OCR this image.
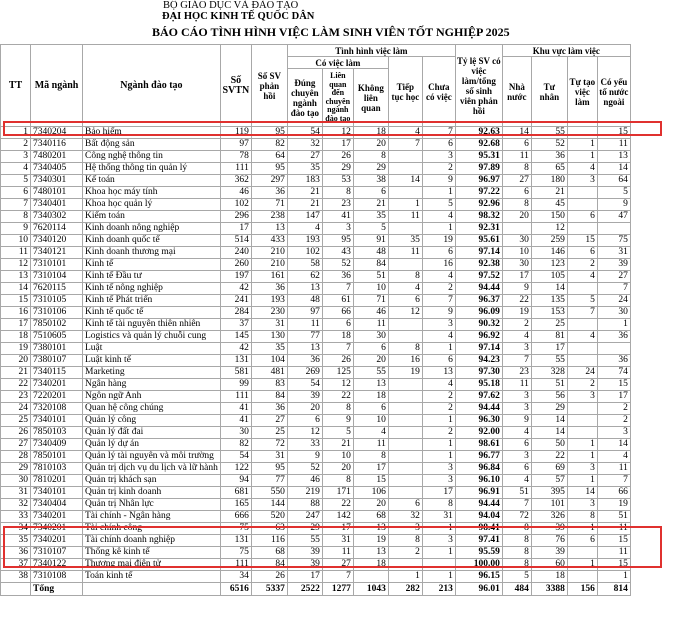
BỘ GIÁO DỤC VÀ ĐÀO TẠO
ĐẠI HỌC KINH TẾ QUỐC DÂN
BÁO CÁO TÌNH HÌNH VIỆC LÀM SINH VIÊN TỐT NGHIỆP 2025
TT	Mã ngành	Ngành đào tạo	Số SVTN	Số SV phản hồi	Tình hình việc làm					Tỷ lệ SV có việc làm/tổng số sinh viên phản hồi	Khu vực làm việc			
					Có việc làm			Tiếp tục học	Chưa có việc		Nhà nước	Tư nhân	Tự tạo việc làm	Có yếu tố nước ngoài
					Đúng chuyên ngành đào tạo	Liên quan đến chuyên ngành đào tạo	Không liên quan							
1	7340204	Bảo hiểm	119	95	54	12	18	4	7	92.63	14	55		15
2	7340116	Bất động sản	97	82	32	17	20	7	6	92.68	6	52	1	11
3	7480201	Công nghệ thông tin	78	64	27	26	8		3	95.31	11	36	1	13
4	7340405	Hệ thống thông tin quản lý	111	95	35	29	29		2	97.89	8	65	4	14
5	7340301	Kế toán	362	297	183	53	38	14	9	96.97	27	180	3	64
6	7480101	Khoa học máy tính	46	36	21	8	6		1	97.22	6	21		5
7	7340401	Khoa học quản lý	102	71	21	23	21	1	5	92.96	8	45		9
8	7340302	Kiểm toán	296	238	147	41	35	11	4	98.32	20	150	6	47
9	7620114	Kinh doanh nông nghiệp	17	13	4	3	5		1	92.31		12		
10	7340120	Kinh doanh quốc tế	514	433	193	95	91	35	19	95.61	30	259	15	75
11	7340121	Kinh doanh thương mại	240	210	102	43	48	11	6	97.14	10	146	6	31
12	7310101	Kinh tế	260	210	58	52	84		16	92.38	30	123	2	39
13	7310104	Kinh tế Đầu tư	197	161	62	36	51	8	4	97.52	17	105	4	27
14	7620115	Kinh tế nông nghiệp	42	36	13	7	10	4	2	94.44	9	14		7
15	7310105	Kinh tế Phát triển	241	193	48	61	71	6	7	96.37	22	135	5	24
16	7310106	Kinh tế quốc tế	284	230	97	66	46	12	9	96.09	19	153	7	30
17	7850102	Kinh tế tài nguyên thiên nhiên	37	31	11	6	11		3	90.32	2	25		1
18	7510605	Logistics và quản lý chuỗi cung	145	130	77	18	30		4	96.92	4	81	4	36
19	7380101	Luật	42	35	13	7	6	8	1	97.14	3	17		
20	7380107	Luật kinh tế	131	104	36	26	20	16	6	94.23	7	55		36
21	7340115	Marketing	581	481	269	125	55	19	13	97.30	23	328	24	74
22	7340201	Ngân hàng	99	83	54	12	13		4	95.18	11	51	2	15
23	7220201	Ngôn ngữ Anh	111	84	39	22	18		2	97.62	3	56	3	17
24	7320108	Quan hệ công chúng	41	36	20	8	6		2	94.44	3	29		2
25	7340101	Quản lý công	41	27	6	9	10		1	96.30	9	14		2
26	7850103	Quản lý đất đai	30	25	12	5	4		2	92.00	4	14		3
27	7340409	Quản lý dự án	82	72	33	21	11		1	98.61	6	50	1	14
28	7850101	Quản lý tài nguyên và môi trường	54	31	9	10	8		1	96.77	3	22	1	4
29	7810103	Quản trị dịch vụ du lịch và lữ hành	122	95	52	20	17		3	96.84	6	69	3	11
30	7810201	Quản trị khách sạn	94	77	46	8	15		3	96.10	4	57	1	7
31	7340101	Quản trị kinh doanh	681	550	219	171	106		17	96.91	51	395	14	66
32	7340404	Quản trị Nhân lực	165	144	88	22	20	6	8	94.44	7	101	3	19
33	7340201	Tài chính - Ngân hàng	666	520	247	142	68	32	31	94.04	72	326	8	51
34	7340201	Tài chính công	75	63	29	17	13	3	1	98.41	8	39	1	11
35	7340201	Tài chính doanh nghiệp	131	116	55	31	19	8	3	97.41	8	76	6	15
36	7310107	Thống kê kinh tế	75	68	39	11	13	2	1	95.59	8	39		11
37	7340122	Thương mại điện tử	111	84	39	27	18			100.00	8	60	1	15
38	7310108	Toán kinh tế	34	26	17	7		1	1	96.15	5	18		1
	Tổng		6516	5337	2522	1277	1043	282	213	96.01	484	3388	156	814
